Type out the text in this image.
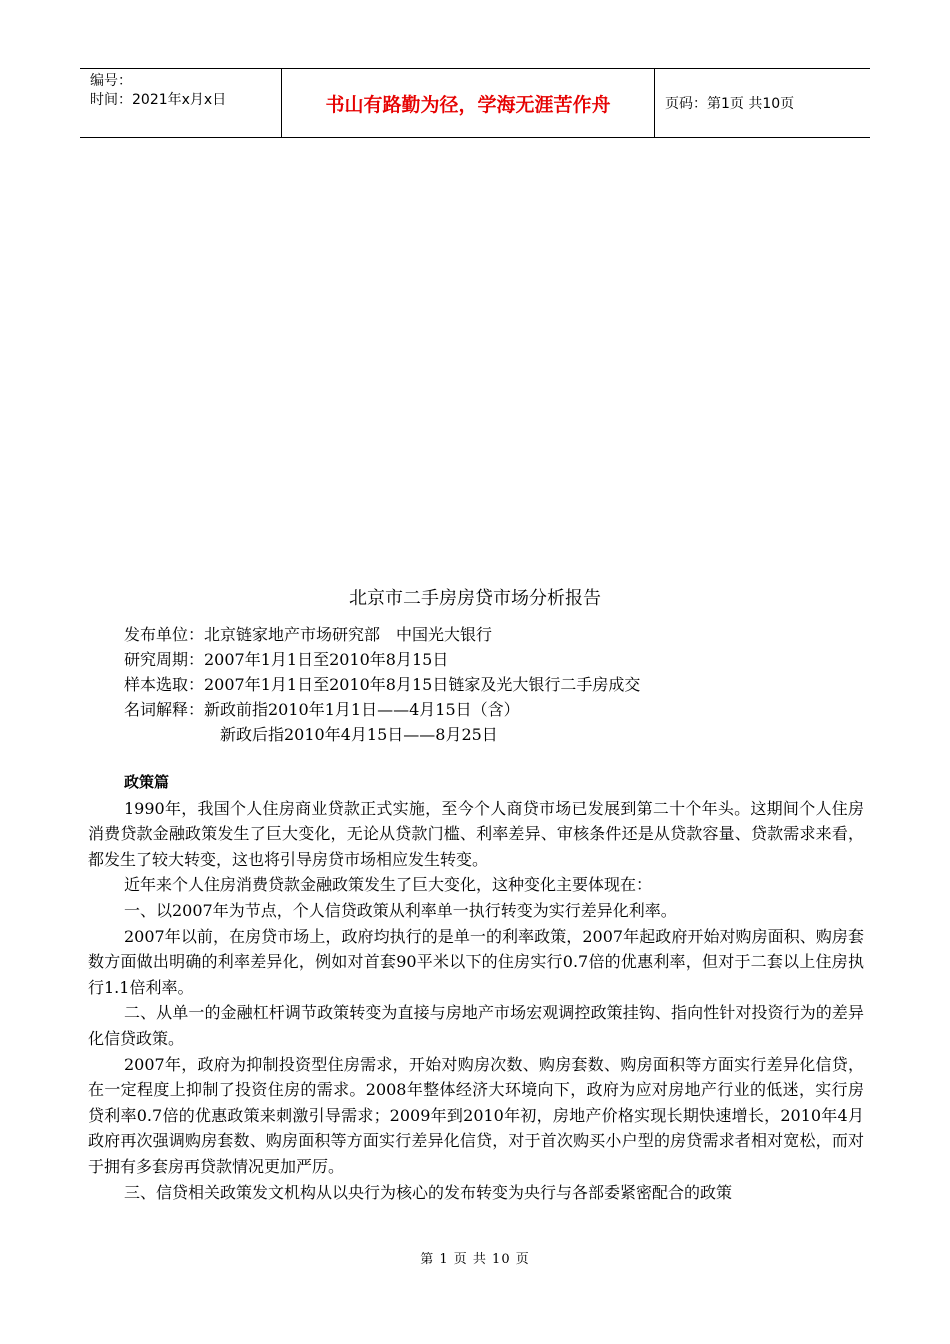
编号：
时间：2021年x月x日	书山有路勤为径，学海无涯苦作舟	页码：第1页 共10页
北京市二手房房贷市场分析报告
发布单位：北京链家地产市场研究部　中国光大银行
研究周期：2007年1月1日至2010年8月15日
样本选取：2007年1月1日至2010年8月15日链家及光大银行二手房成交
名词解释：新政前指2010年1月1日——4月15日（含）
新政后指2010年4月15日——8月25日
政策篇

1990年，我国个人住房商业贷款正式实施，至今个人商贷市场已发展到第二十个年头。这期间个人住房消费贷款金融政策发生了巨大变化，无论从贷款门槛、利率差异、审核条件还是从贷款容量、贷款需求来看，都发生了较大转变，这也将引导房贷市场相应发生转变。

近年来个人住房消费贷款金融政策发生了巨大变化，这种变化主要体现在：

一、以2007年为节点，个人信贷政策从利率单一执行转变为实行差异化利率。

2007年以前，在房贷市场上，政府均执行的是单一的利率政策，2007年起政府开始对购房面积、购房套数方面做出明确的利率差异化，例如对首套90平米以下的住房实行0.7倍的优惠利率，但对于二套以上住房执行1.1倍利率。

二、从单一的金融杠杆调节政策转变为直接与房地产市场宏观调控政策挂钩、指向性针对投资行为的差异化信贷政策。

2007年，政府为抑制投资型住房需求，开始对购房次数、购房套数、购房面积等方面实行差异化信贷，在一定程度上抑制了投资住房的需求。2008年整体经济大环境向下，政府为应对房地产行业的低迷，实行房贷利率0.7倍的优惠政策来刺激引导需求；2009年到2010年初，房地产价格实现长期快速增长，2010年4月政府再次强调购房套数、购房面积等方面实行差异化信贷，对于首次购买小户型的房贷需求者相对宽松，而对于拥有多套房再贷款情况更加严厉。

三、信贷相关政策发文机构从以央行为核心的发布转变为央行与各部委紧密配合的政策

第 1 页 共 10 页
